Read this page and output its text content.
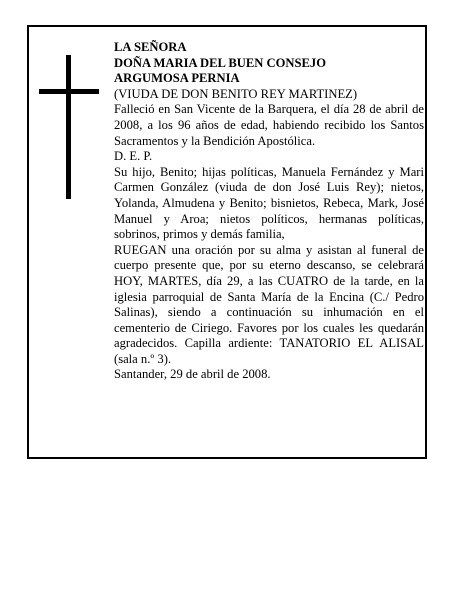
LA SEÑORA
DOÑA MARIA DEL BUEN CONSEJO
ARGUMOSA PERNIA
(VIUDA DE DON BENITO REY MARTINEZ)

Falleció en San Vicente de la Barquera, el día 28 de abril de 2008, a los 96 años de edad, habiendo recibido los Santos Sacramentos y la Bendición Apostólica.

D. E. P.

Su hijo, Benito; hijas políticas, Manuela Fernández y Mari Carmen González (viuda de don José Luis Rey); nietos, Yolanda, Almudena y Benito; bisnietos, Rebeca, Mark, José Manuel y Aroa; nietos políticos, hermanas políticas, sobrinos, primos y demás familia,

RUEGAN una oración por su alma y asistan al funeral de cuerpo presente que, por su eterno descanso, se celebrará HOY, MARTES, día 29, a las CUATRO de la tarde, en la iglesia parroquial de Santa María de la Encina (C./ Pedro Salinas), siendo a continuación su inhumación en el cementerio de Ciriego. Favores por los cuales les quedarán agradecidos. Capilla ardiente: TANATORIO EL ALISAL (sala n.º 3).

Santander, 29 de abril de 2008.
